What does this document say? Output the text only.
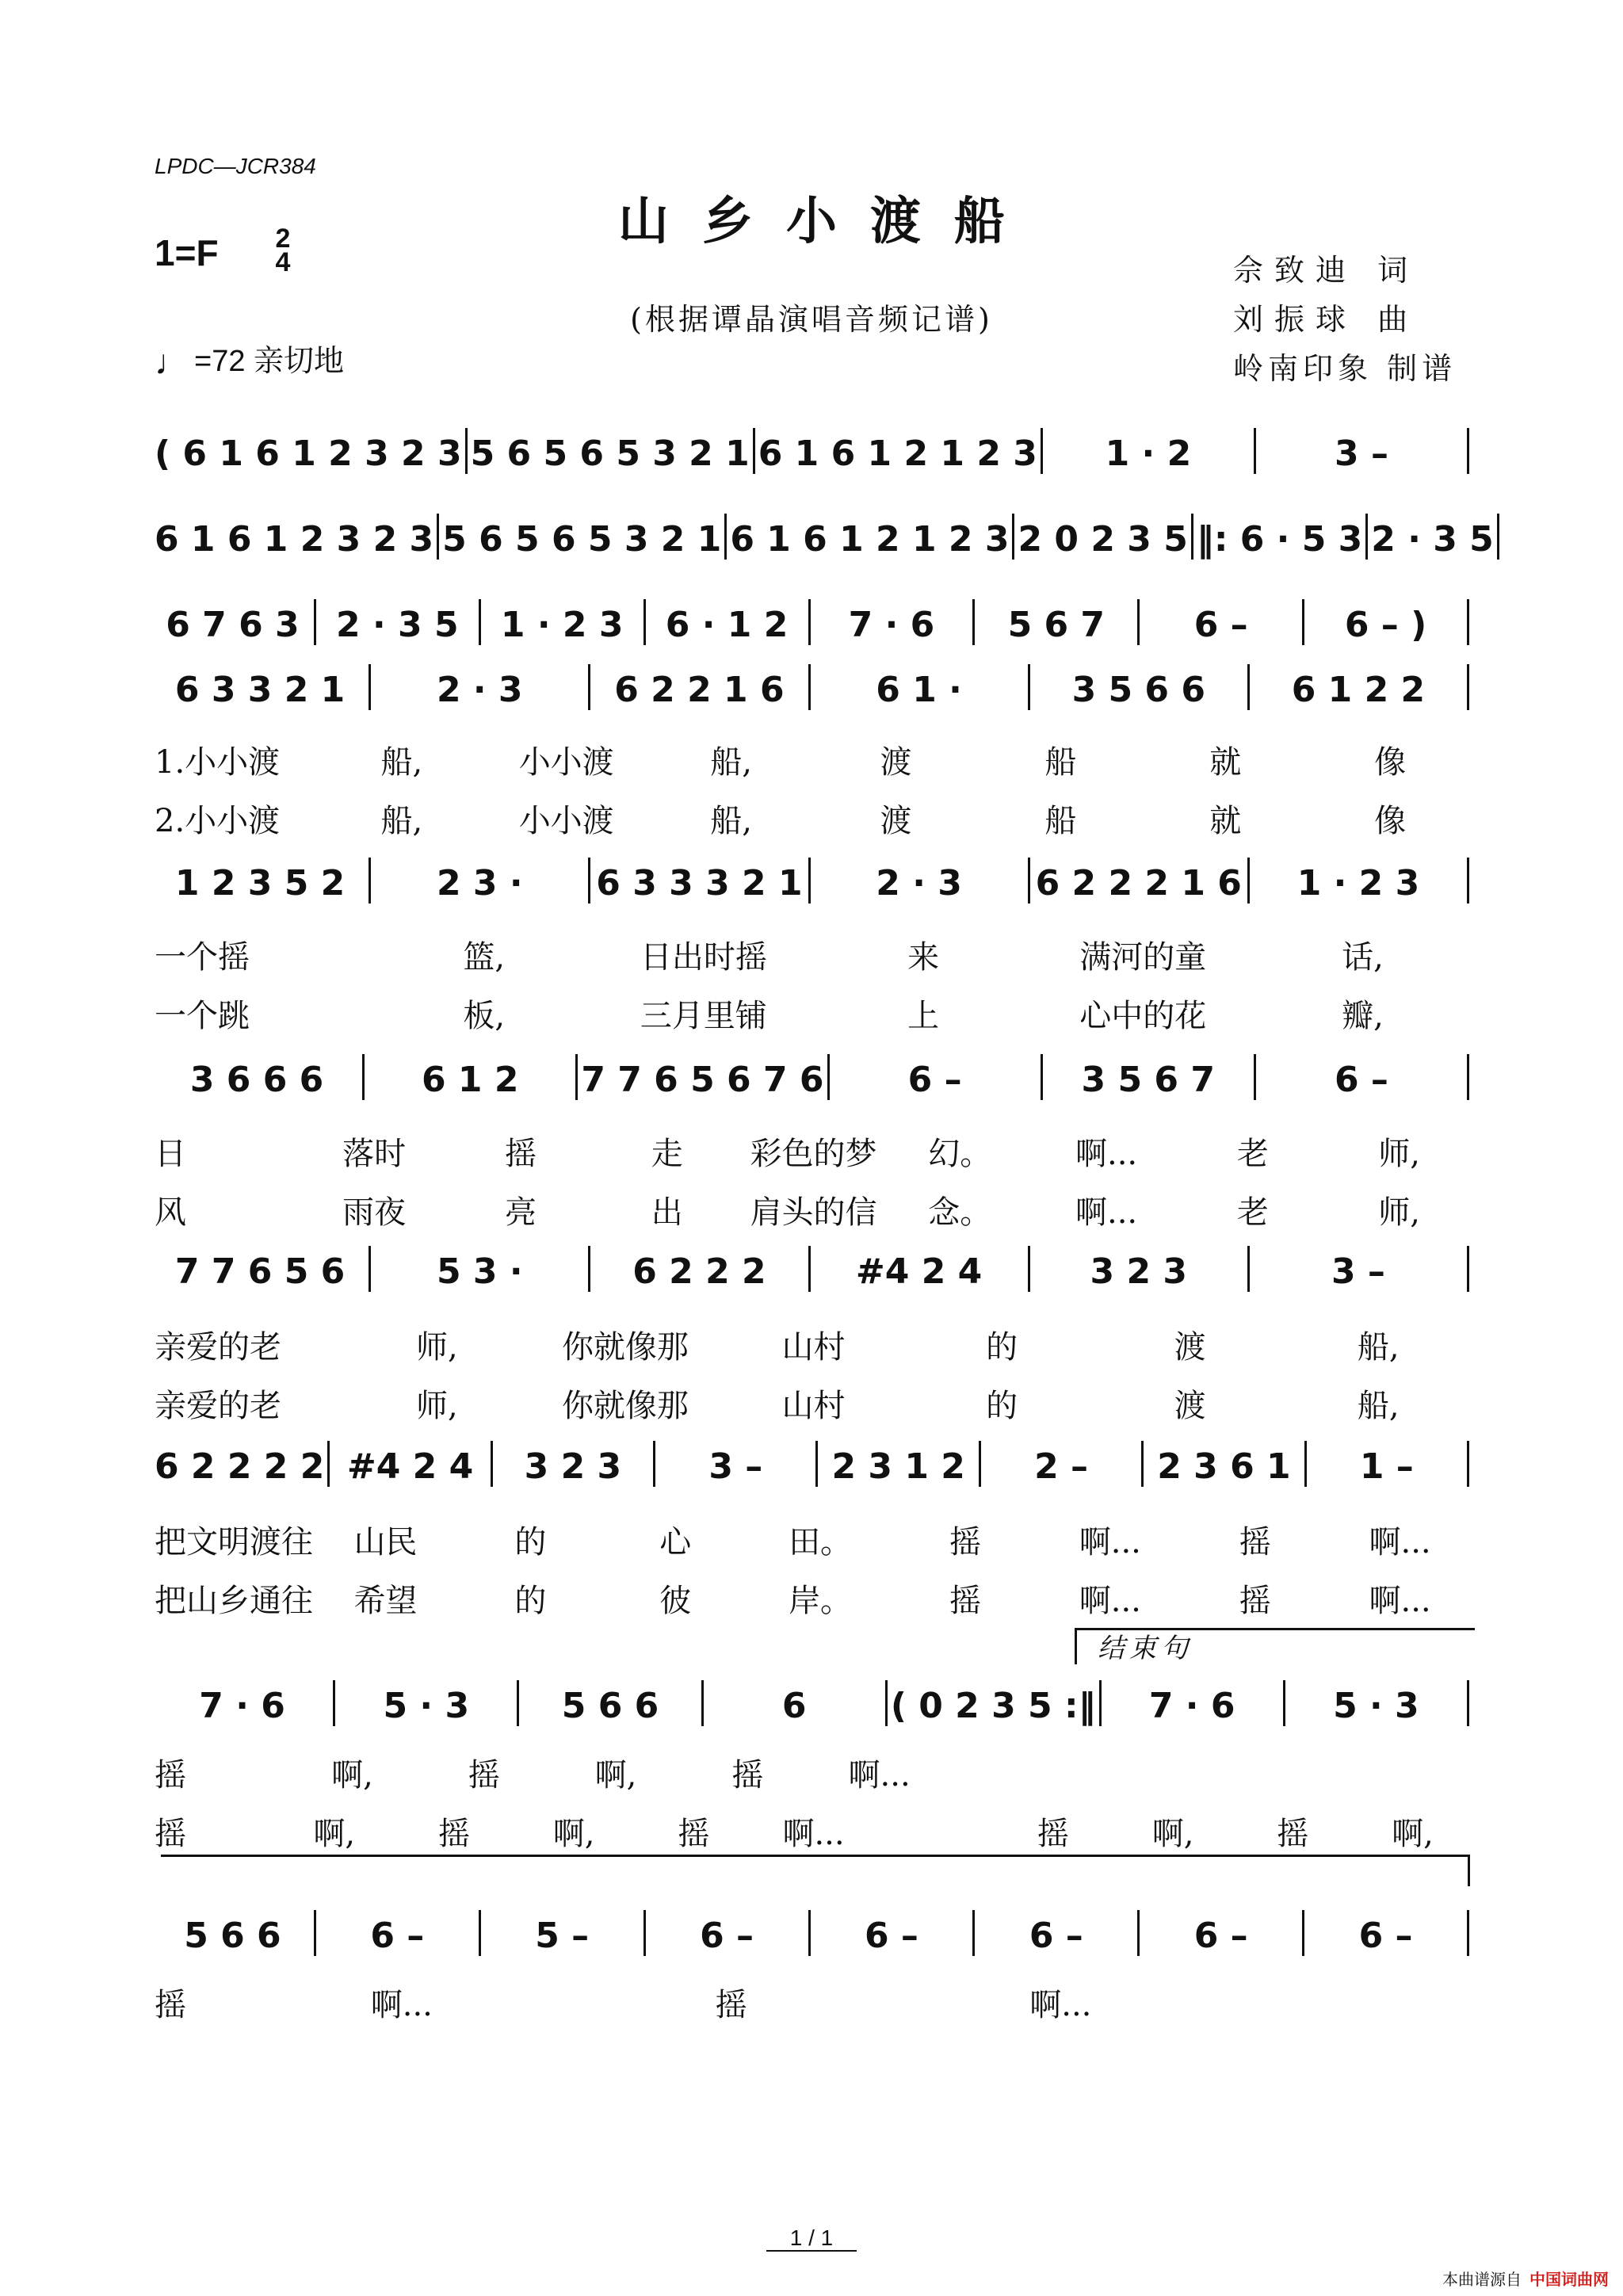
LPDC—JCR384
山乡小渡船
1=F 2
4
(根据谭晶演唱音频记谱)
佘致迪 词
刘振球 曲
岭南印象 制谱
♩ =72 亲切地
( 6 1 6 1 2 3 2 3 5 6 5 6 5 3 2 1 6 1 6 1 2 1 2 3	1 · 2	3 –
6 1 6 1 2 3 2 3 5 6 5 6 5 3 2 1 6 1 6 1 2 1 2 3 2 0 2 3 5 ‖: 6 · 5 3 2 · 3 5
6 7 6 3	2 · 3 5	1 · 2 3	6 · 1 2	7 · 6	5 6 7	6 –	6 – )
6 3 3 2 1	2 · 3	6 2 2 1 6	6 1 ·	3 5 6 6	6 1 2 2
1.小小渡	船,	小小渡	船,	渡	船	就	像
2.小小渡	船,	小小渡	船,	渡	船	就	像
1 2 3 5 2	2 3 ·	6 3 3 3 2 1	2 · 3	6 2 2 2 1 6	1 · 2 3
一个摇	篮,	日出时摇	来	满河的童	话,
一个跳	板,	三月里铺	上	心中的花	瓣,
3 6 6 6	6 1 2	7 7 6 5 6 7 6	6 –	3 5 6 7	6 –
日	落时	摇	走	彩色的梦	幻。	啊...	老	师,
风	雨夜	亮	出	肩头的信	念。	啊...	老	师,
7 7 6 5 6	5 3 ·	6 2 2 2	#4 2 4	3 2 3	3 –
亲爱的老	师,	你就像那	山村	的	渡	船,
亲爱的老	师,	你就像那	山村	的	渡	船,
6 2 2 2 2 #4 2 4	3 2 3	3 –	2 3 1 2	2 –	2 3 6 1	1 –
把文明渡往	山民	的	心	田。	摇	啊...	摇	啊...
把山乡通往	希望	的	彼	岸。	摇	啊...	摇	啊...
7 · 6	5 · 3	5 6 6	6	( 0 2 3 5 :‖	7 · 6	5 · 3
摇	啊,	摇	啊,	摇	啊...
摇	啊,	摇	啊,	摇	啊...	摇	啊,	摇	啊,
5 6 6	6 –	5 –	6 –	6 –	6 –	6 –	6 –
摇	啊...	摇	啊...
结束句
1 / 1
本曲谱源自 中国词曲网
